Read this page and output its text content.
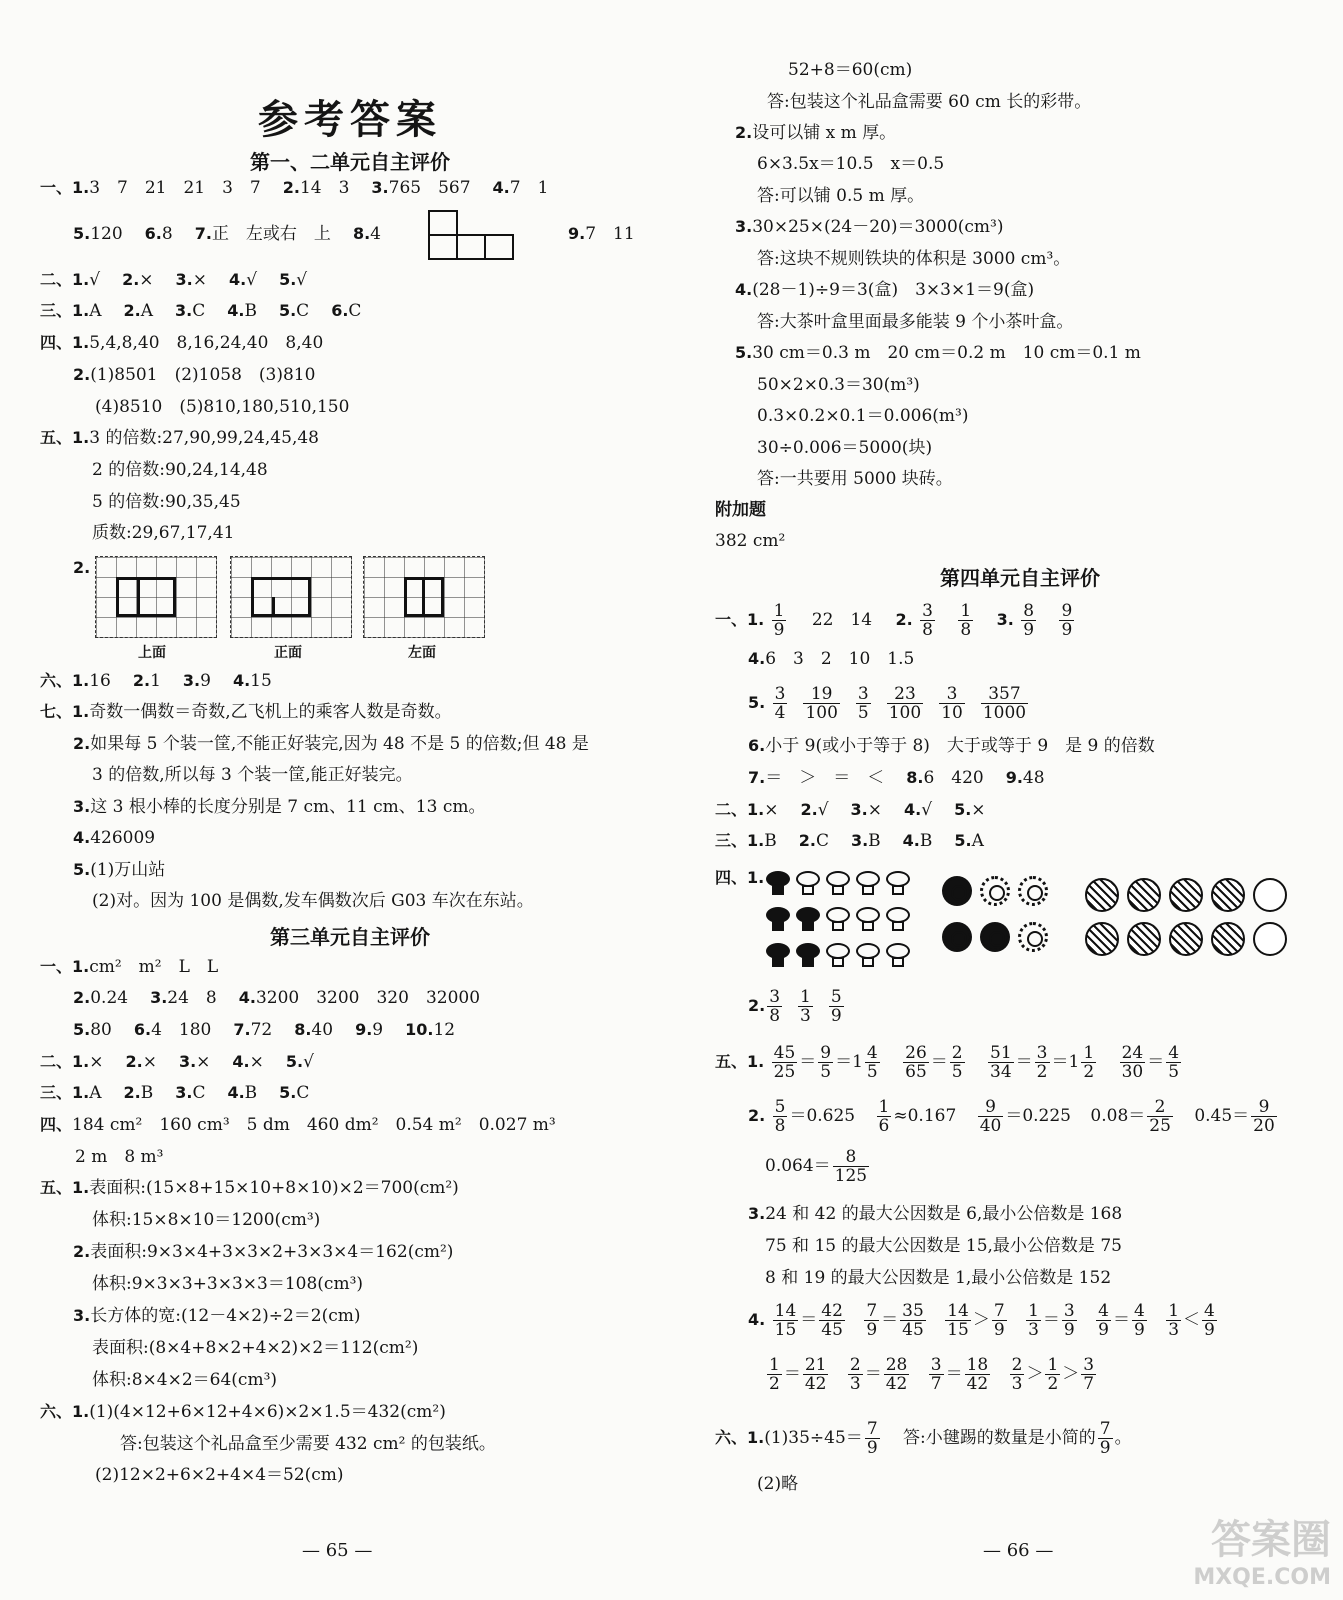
参考答案
第一、二单元自主评价
一、1.3　7　21　21　3　7 2.14　3 3.765　567 4.7　1
5.120 6.8 7.正　左或右　上 8.4	9.7　11
二、1.√ 2.× 3.× 4.√ 5.√
三、1.A 2.A 3.C 4.B 5.C 6.C
四、1.5,4,8,40　8,16,24,40　8,40
2.(1)8501　(2)1058　(3)810
(4)8510　(5)810,180,510,150
五、1.3 的倍数:27,90,99,24,45,48
2 的倍数:90,24,14,48
5 的倍数:90,35,45
质数:29,67,17,41
2.
上面	正面	左面
六、1.16 2.1 3.9 4.15
七、1.奇数一偶数＝奇数,乙飞机上的乘客人数是奇数。
2.如果每 5 个装一筐,不能正好装完,因为 48 不是 5 的倍数;但 48 是
3 的倍数,所以每 3 个装一筐,能正好装完。
3.这 3 根小棒的长度分别是 7 cm、11 cm、13 cm。
4.426009
5.(1)万山站
(2)对。因为 100 是偶数,发车偶数次后 G03 车次在东站。
第三单元自主评价
一、1.cm²　m²　L　L
2.0.24 3.24　8 4.3200　3200　320　32000
5.80 6.4　180 7.72 8.40 9.9 10.12
二、1.× 2.× 3.× 4.× 5.√
三、1.A 2.B 3.C 4.B 5.C
四、184 cm²　160 cm³　5 dm　460 dm²　0.54 m²　0.027 m³
2 m　8 m³
五、1.表面积:(15×8+15×10+8×10)×2＝700(cm²)
体积:15×8×10＝1200(cm³)
2.表面积:9×3×4+3×3×2+3×3×4＝162(cm²)
体积:9×3×3+3×3×3＝108(cm³)
3.长方体的宽:(12－4×2)÷2＝2(cm)
表面积:(8×4+8×2+4×2)×2＝112(cm²)
体积:8×4×2＝64(cm³)
六、1.(1)(4×12+6×12+4×6)×2×1.5＝432(cm²)
答:包装这个礼品盒至少需要 432 cm² 的包装纸。
(2)12×2+6×2+4×4＝52(cm)
— 65 —
52+8＝60(cm)
答:包装这个礼品盒需要 60 cm 长的彩带。
2.设可以铺 x m 厚。
6×3.5x＝10.5　x＝0.5
答:可以铺 0.5 m 厚。
3.30×25×(24－20)＝3000(cm³)
答:这块不规则铁块的体积是 3000 cm³。
4.(28－1)÷9＝3(盒)　3×3×1＝9(盒)
答:大茶叶盒里面最多能装 9 个小茶叶盒。
5.30 cm＝0.3 m　20 cm＝0.2 m　10 cm＝0.1 m
50×2×0.3＝30(m³)
0.3×0.2×0.1＝0.006(m³)
30÷0.006＝5000(块)
答:一共要用 5000 块砖。
附加题
382 cm²
第四单元自主评价
一、1. $\frac{1}{9} 22$　14 2. $\frac{3}{8}$
$\frac{1}{8} 3$. $\frac{8}{9}$
$\frac{9}{9}$
4.6　3　2　10　1.5
5. $\frac{3}{4} \frac{19}{100} \frac{3}{5} \frac{23}{100} \frac{3}{10} \frac{357}{1000}$
6.小于 9(或小于等于 8)　大于或等于 9　是 9 的倍数
7.＝　＞　＝　＜ 8.6　420 9.48
二、1.× 2.√ 3.× 4.√ 5.×
三、1.B 2.C 3.B 4.B 5.A
四、1.
2. $\frac{3}{8} \frac{1}{3} \frac{5}{9}$
五、1. $\frac{45}{25} = \frac{9}{5} =1 \frac{4}{5}$
$\frac{26}{65} = \frac{2}{5}$
$\frac{51}{34} = \frac{3}{2} =1 \frac{1}{2}$
$\frac{24}{30} = \frac{4}{5}$
2. $\frac{5}{8} =0.625 \frac{1}{6} \approx 0.167 \frac{9}{40} =0.225$ $0.08= \frac{2}{25} 0.45= \frac{9}{20}$
$0.064= \frac{8}{125}$
3.24 和 42 的最大公因数是 6,最小公倍数是 168
75 和 15 的最大公因数是 15,最小公倍数是 75
8 和 19 的最大公因数是 1,最小公倍数是 152
4. $\frac{14}{15} = \frac{42}{45}$
$\frac{7}{9} = \frac{35}{45}$
$\frac{14}{15} > \frac{7}{9}$
$\frac{1}{3} = \frac{3}{9}$
$\frac{4}{9} = \frac{4}{9}$
$\frac{1}{3} < \frac{4}{9}$
$\frac{1}{2} = \frac{21}{42}$
$\frac{2}{3} = \frac{28}{42}$
$\frac{3}{7} = \frac{18}{42}$
$\frac{2}{3} > \frac{1}{2} > \frac{3}{7}$
六、$1.(1)35\div 45= \frac{7}{9}$ 答:小毽踢的数量是小简的 $\frac{7}{9}$ 。
(2)略
— 66 —	答案圈
MXQE.COM
